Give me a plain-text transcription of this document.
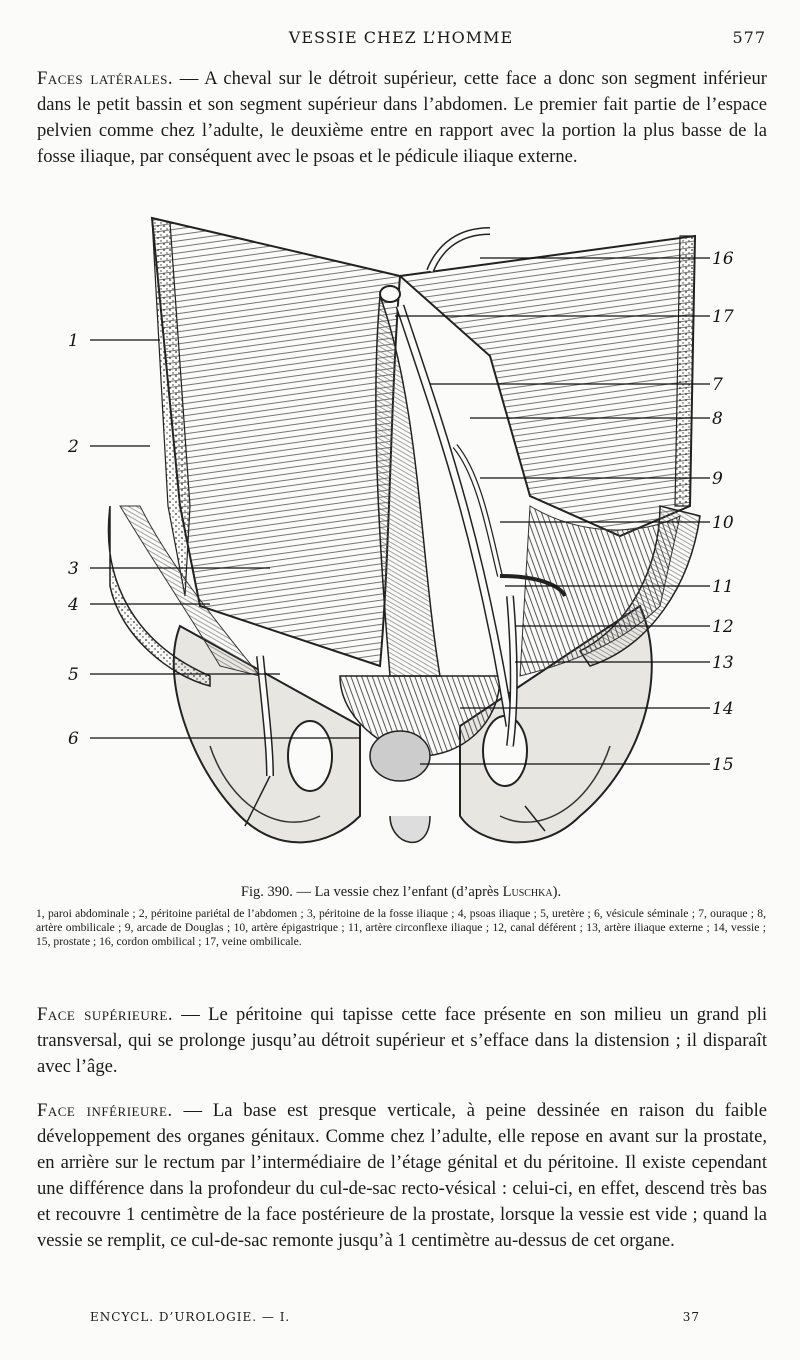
VESSIE CHEZ L’HOMME	577
Faces latérales. — A cheval sur le détroit supérieur, cette face a donc son segment inférieur dans le petit bassin et son segment supérieur dans l’abdomen. Le premier fait partie de l’espace pelvien comme chez l’adulte, le deuxième entre en rapport avec la portion la plus basse de la fosse iliaque, par conséquent avec le psoas et le pédicule iliaque externe.
1
2
3
4
5
6
16
17
7
8
9
10
11
12
13
14
15
Fig. 390. — La vessie chez l’enfant (d’après Luschka).
1, paroi abdominale ; 2, péritoine pariétal de l’abdomen ; 3, péritoine de la fosse iliaque ; 4, psoas iliaque ; 5, uretère ; 6, vésicule séminale ; 7, ouraque ; 8, artère ombilicale ; 9, arcade de Douglas ; 10, artère épigastrique ; 11, artère circonflexe iliaque ; 12, canal déférent ; 13, artère iliaque externe ; 14, vessie ; 15, prostate ; 16, cordon ombilical ; 17, veine ombilicale.
Face supérieure. — Le péritoine qui tapisse cette face présente en son milieu un grand pli transversal, qui se prolonge jusqu’au détroit supérieur et s’efface dans la distension ; il disparaît avec l’âge.
Face inférieure. — La base est presque verticale, à peine dessinée en raison du faible développement des organes génitaux. Comme chez l’adulte, elle repose en avant sur la prostate, en arrière sur le rectum par l’intermédiaire de l’étage génital et du péritoine. Il existe cependant une différence dans la profondeur du cul-de-sac recto-vésical : celui-ci, en effet, descend très bas et recouvre 1 centimètre de la face postérieure de la prostate, lorsque la vessie est vide ; quand la vessie se remplit, ce cul-de-sac remonte jusqu’à 1 centimètre au-dessus de cet organe.
ENCYCL. D’UROLOGIE. — I.	37
